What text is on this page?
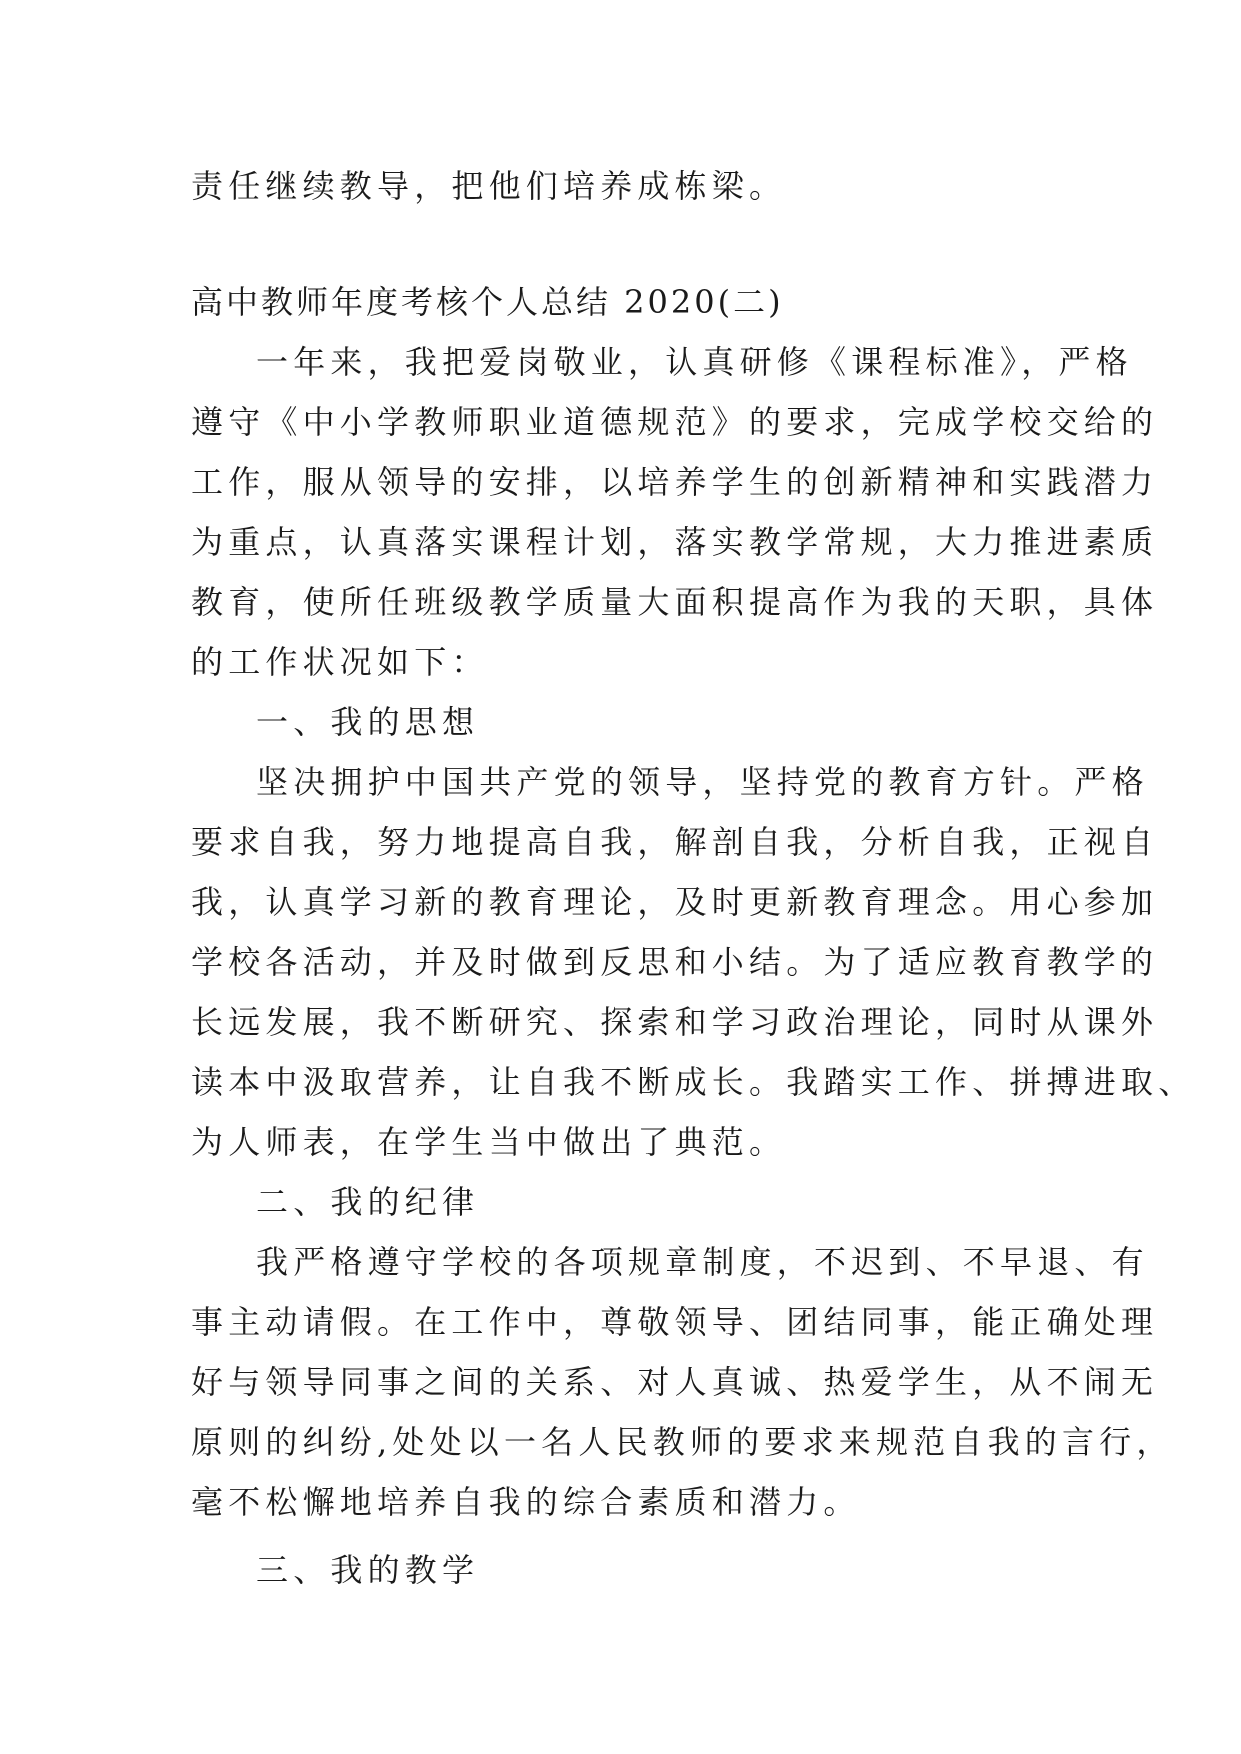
责任继续教导，把他们培养成栋梁。
高中教师年度考核个人总结 2020(二)
一年来，我把爱岗敬业，认真研修《课程标准》，严格
遵守《中小学教师职业道德规范》的要求，完成学校交给的
工作，服从领导的安排，以培养学生的创新精神和实践潜力
为重点，认真落实课程计划，落实教学常规，大力推进素质
教育，使所任班级教学质量大面积提高作为我的天职，具体
的工作状况如下：
一、我的思想
坚决拥护中国共产党的领导，坚持党的教育方针。严格
要求自我，努力地提高自我，解剖自我，分析自我，正视自
我，认真学习新的教育理论，及时更新教育理念。用心参加
学校各活动，并及时做到反思和小结。为了适应教育教学的
长远发展，我不断研究、探索和学习政治理论，同时从课外
读本中汲取营养，让自我不断成长。我踏实工作、拼搏进取、
为人师表，在学生当中做出了典范。
二、我的纪律
我严格遵守学校的各项规章制度，不迟到、不早退、有
事主动请假。在工作中，尊敬领导、团结同事，能正确处理
好与领导同事之间的关系、对人真诚、热爱学生，从不闹无
原则的纠纷,处处以一名人民教师的要求来规范自我的言行，
毫不松懈地培养自我的综合素质和潜力。
三、我的教学
